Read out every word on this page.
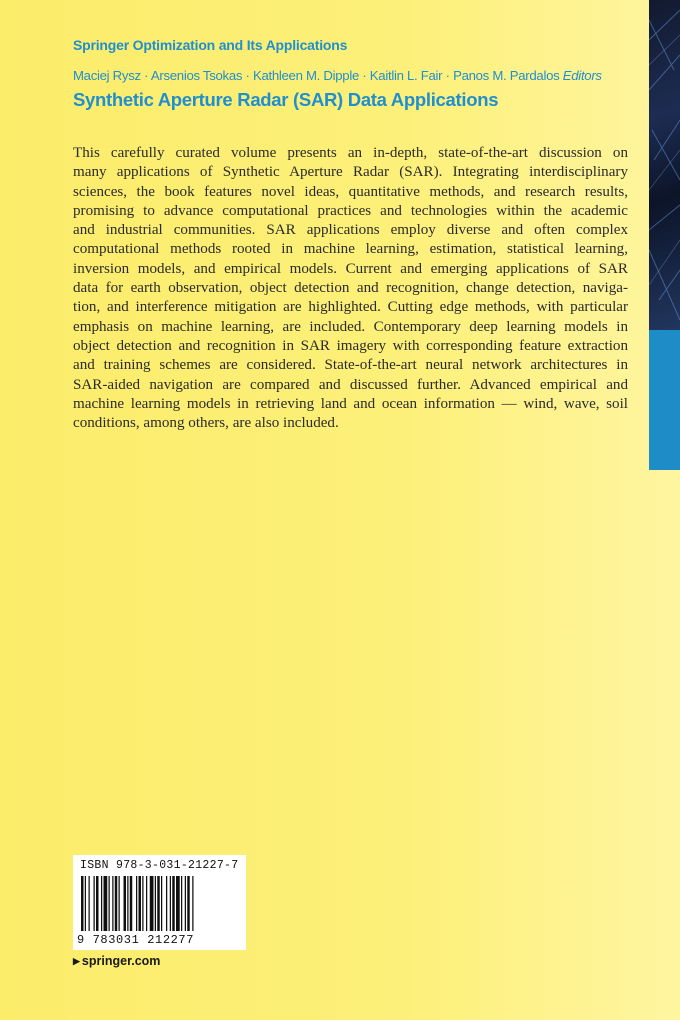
Springer Optimization and Its Applications
Maciej Rysz · Arsenios Tsokas · Kathleen M. Dipple · Kaitlin L. Fair · Panos M. Pardalos Editors
Synthetic Aperture Radar (SAR) Data Applications

This carefully curated volume presents an in-depth, state-of-the-art discussion on
many applications of Synthetic Aperture Radar (SAR). Integrating interdisciplinary
sciences, the book features novel ideas, quantitative methods, and research results,
promising to advance computational practices and technologies within the academic
and industrial communities. SAR applications employ diverse and often complex
computational methods rooted in machine learning, estimation, statistical learning,
inversion models, and empirical models. Current and emerging applications of SAR
data for earth observation, object detection and recognition, change detection, naviga-
tion, and interference mitigation are highlighted. Cutting edge methods, with particular
emphasis on machine learning, are included. Contemporary deep learning models in
object detection and recognition in SAR imagery with corresponding feature extraction
and training schemes are considered. State-of-the-art neural network architectures in
SAR-aided navigation are compared and discussed further. Advanced empirical and
machine learning models in retrieving land and ocean information — wind, wave, soil
conditions, among others, are also included.

ISBN 978-3-031-21227-7
9 783031 212277
▶ springer.com
